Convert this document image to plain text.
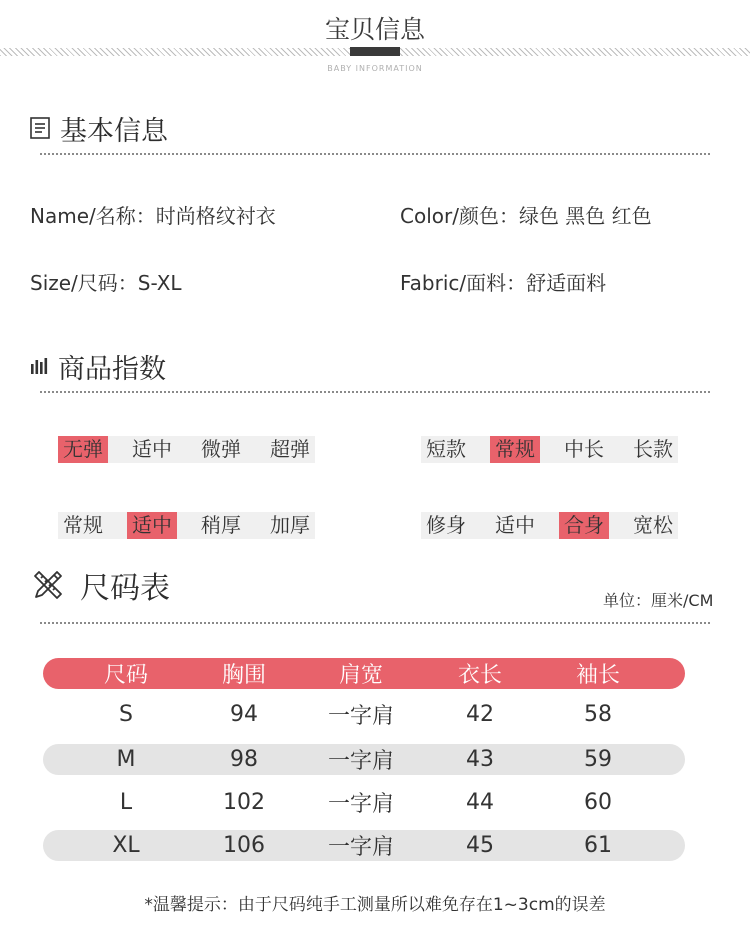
宝贝信息
BABY INFORMATION
基本信息
Name/名称：时尚格纹衬衣	Color/颜色：绿色 黑色 红色
Size/尺码：S-XL	Fabric/面料：舒适面料
商品指数
无弹 适中 微弹 超弹	短款 常规 中长 长款
常规 适中 稍厚 加厚	修身 适中 合身 宽松
尺码表	单位：厘米/CM
尺码	胸围	肩宽	衣长	袖长
S	94	一字肩	42	58
M	98	一字肩	43	59
L	102	一字肩	44	60
XL	106	一字肩	45	61
*温馨提示：由于尺码纯手工测量所以难免存在1~3cm的误差
